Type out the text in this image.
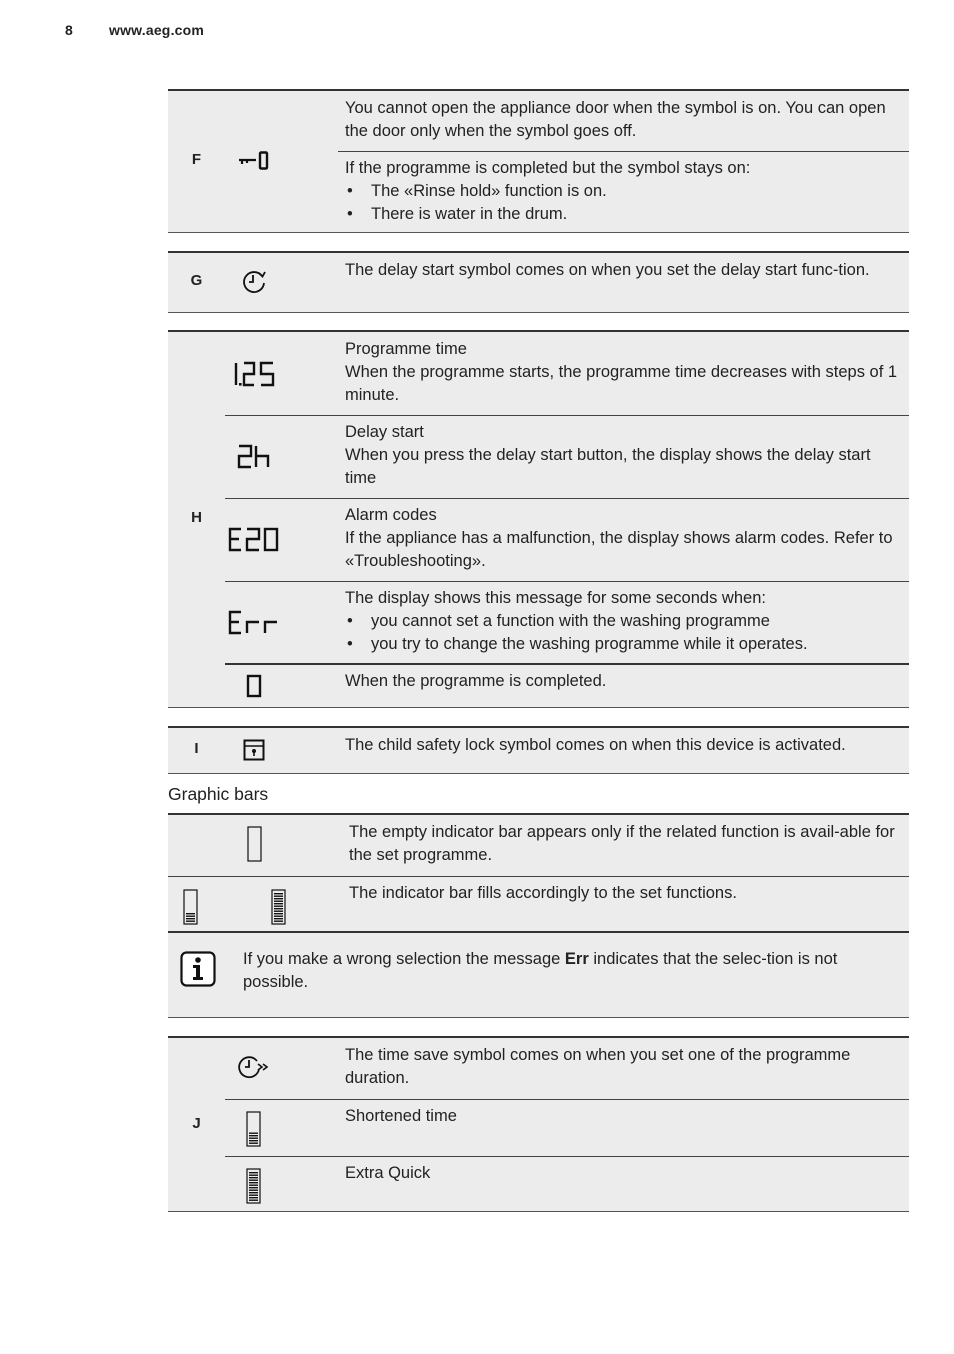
8	www.aeg.com
F
You cannot open the appliance door when the symbol is on. You can open the door only when the symbol goes off.
If the programme is completed but the symbol stays on:
• The «Rinse hold» function is on.
• There is water in the drum.
G
The delay start symbol comes on when you set the delay start func-tion.
H
Programme time
When the programme starts, the programme time decreases with steps of 1 minute.
Delay start
When you press the delay start button, the display shows the delay start time
Alarm codes
If the appliance has a malfunction, the display shows alarm codes. Refer to «Troubleshooting».
The display shows this message for some seconds when:
• you cannot set a function with the washing programme
• you try to change the washing programme while it operates.
When the programme is completed.
I	The child safety lock symbol comes on when this device is activated.
Graphic bars
The empty indicator bar appears only if the related function is avail-able for the set programme.
The indicator bar fills accordingly to the set functions.
If you make a wrong selection the message Err indicates that the selec-tion is not possible.
J
The time save symbol comes on when you set one of the programme duration.
Shortened time
Extra Quick
